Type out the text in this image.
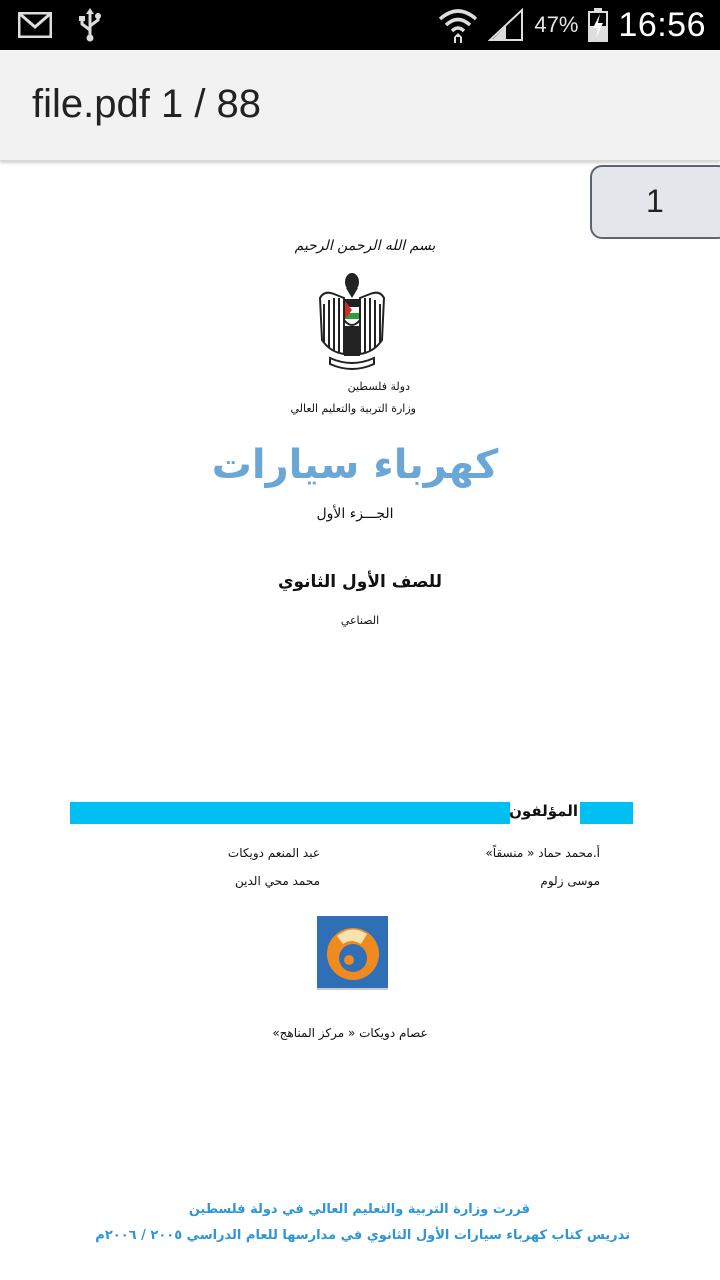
47% 16:56
file.pdf 1 / 88
بسم الله الرحمن الرحيم
دولة فلسطين
وزارة التربية والتعليم العالي
كهرباء سيارات
الجـــزء الأول
للصف الأول الثانوي
الصناعي
المؤلفون
أ.محمد حماد « منسقاً»
موسى زلوم
عبد المنعم دويكات
محمد محي الدين
عصام دويكات « مركز المناهج»
قررت وزارة التربية والتعليم العالي في دولة فلسطين
تدريس كتاب كهرباء سيارات الأول الثانوي في مدارسها للعام الدراسي ٢٠٠٥ / ٢٠٠٦م
1
